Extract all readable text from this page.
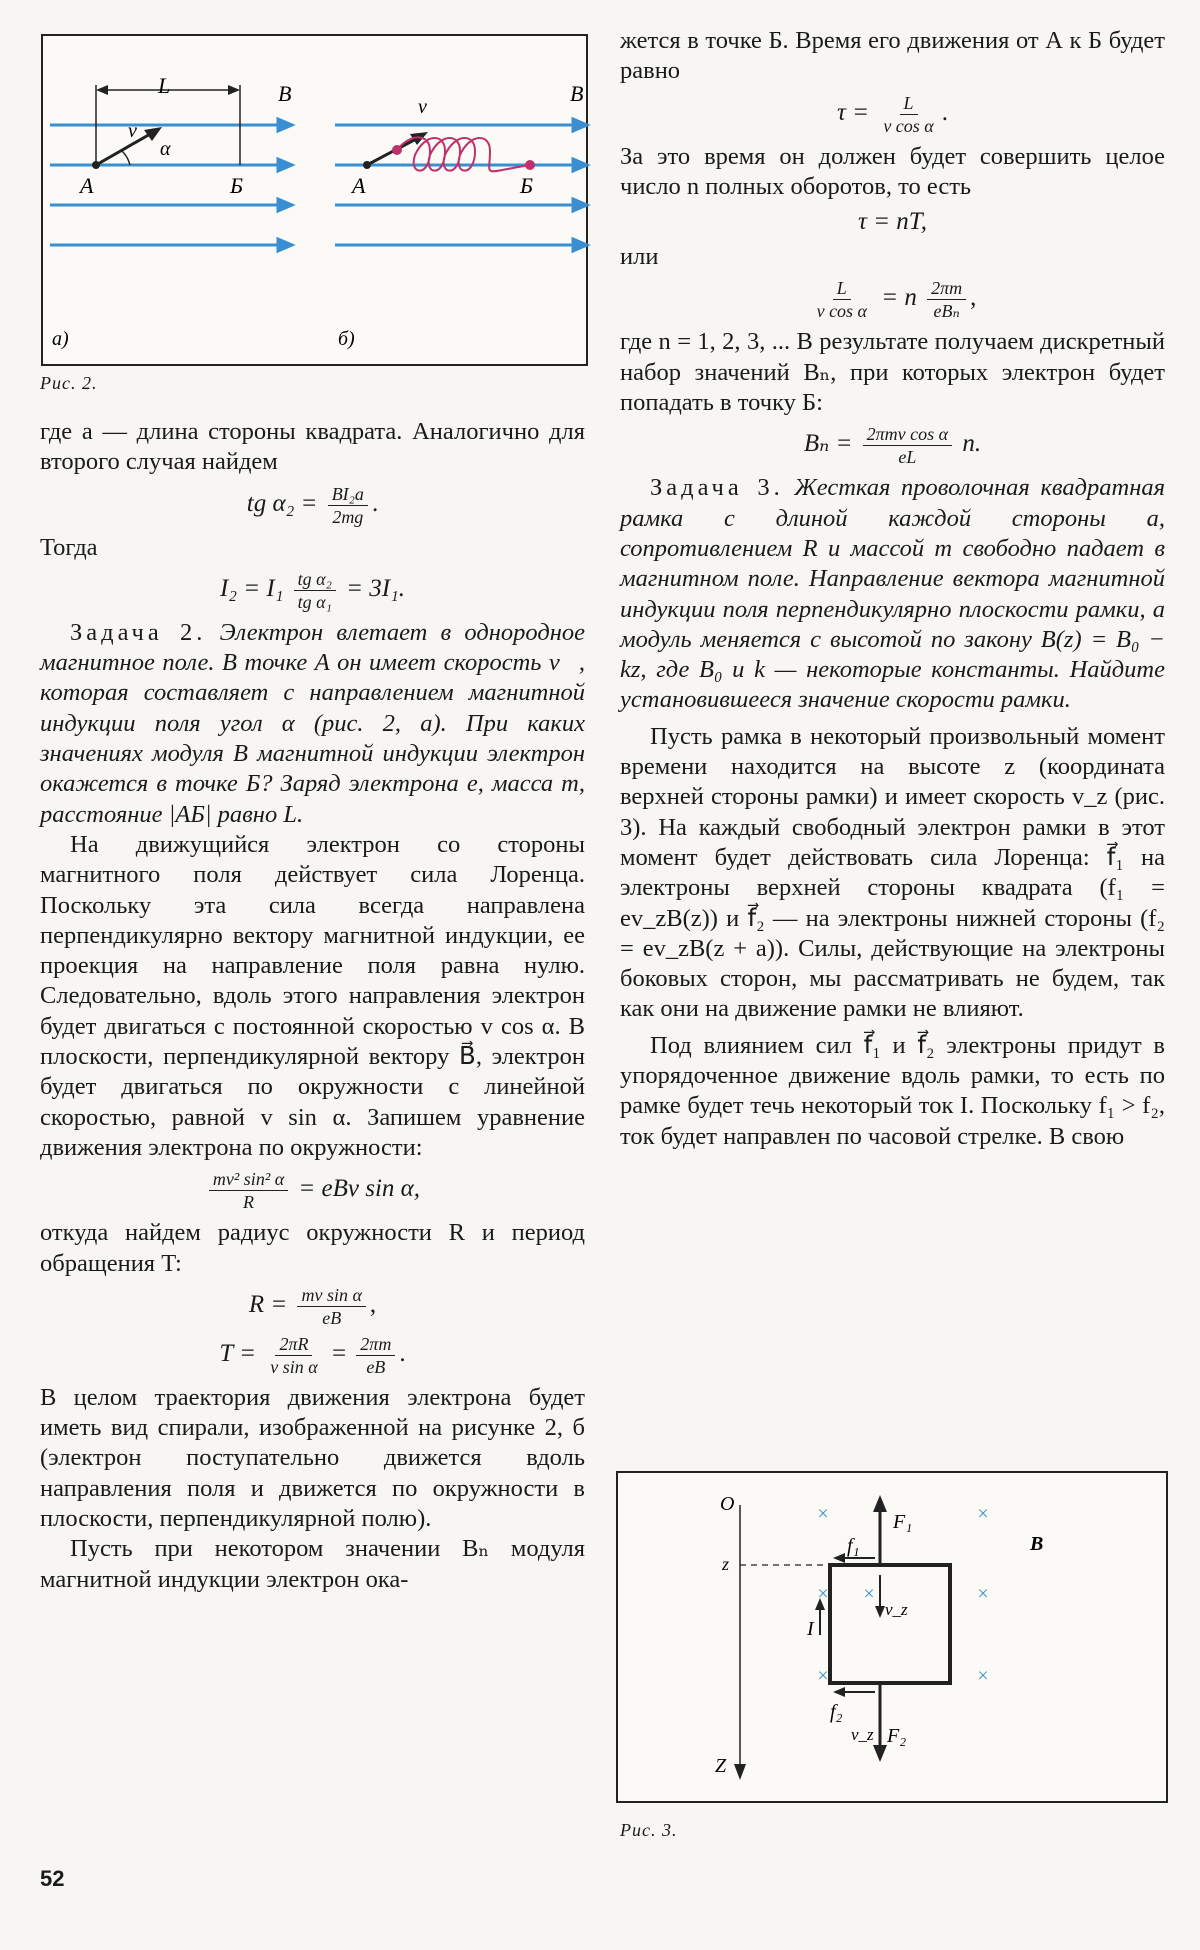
L	B
v
α
А	Б
v
B
А	Б
а)	б)
Рис. 2.

где a — длина стороны квадрата. Аналогично для второго случая найдем

tg $\alpha_2 = \frac{\text{BI₂a}}{2mg}$ .

Тогда

$I_2 = I_1 \frac{\text{tg α₂}}{\text{tg α₁}} = 3I_1$.

Задача 2. Электрон влетает в однородное магнитное поле. В точке А он имеет скорость v⃗, которая составляет с направлением магнитной индукции поля угол α (рис. 2, а). При каких значениях модуля B магнитной индукции электрон окажется в точке Б? Заряд электрона e, масса m, расстояние |АБ| равно L.

На движущийся электрон со стороны магнитного поля действует сила Лоренца. Поскольку эта сила всегда направлена перпендикулярно вектору магнитной индукции, ее проекция на направление поля равна нулю. Следовательно, вдоль этого направления электрон будет двигаться с постоянной скоростью v cos α. В плоскости, перпендикулярной вектору B⃗, электрон будет двигаться по окружности с линейной скоростью, равной v sin α. Запишем уравнение движения электрона по окружности:

$\frac{\text{mv² sin² α}}{R}$ = eBv sin α,

откуда найдем радиус окружности R и период обращения T:

$R = \frac{\text{mv sin α}}{eB}$ ,
$T = \frac{2\pi R}{\text{v sin α}} = \frac{2\pi m}{eB}$ .

В целом траектория движения электрона будет иметь вид спирали, изображенной на рисунке 2, б (электрон поступательно движется вдоль направления поля и движется по окружности в плоскости, перпендикулярной полю).

Пусть при некотором значении Bₙ модуля магнитной индукции электрон ока-

жется в точке Б. Время его движения от А к Б будет равно

$\tau = \frac{L}{\text{v cos α}}$ .

За это время он должен будет совершить целое число n полных оборотов, то есть

τ = nT,

или

$\frac{L}{\text{v cos α}} = n \frac{2\pi m}{\text{eBₙ}}$ ,

где n = 1, 2, 3, ... В результате получаем дискретный набор значений Bₙ, при которых электрон будет попадать в точку Б:

$B_n = \frac{\text{2πmv cos α}}{eL} n$.

Задача 3. Жесткая проволочная квадратная рамка с длиной каждой стороны a, сопротивлением R и массой m свободно падает в магнитном поле. Направление вектора магнитной индукции поля перпендикулярно плоскости рамки, а модуль меняется с высотой по закону B(z) = B₀ − kz, где B₀ и k — некоторые константы. Найдите установившееся значение скорости рамки.

Пусть рамка в некоторый произвольный момент времени находится на высоте z (координата верхней стороны рамки) и имеет скорость v_z (рис. 3). На каждый свободный электрон рамки в этот момент будет действовать сила Лоренца: f⃗₁ на электроны верхней стороны квадрата (f₁ = ev_zB(z)) и f⃗₂ — на электроны нижней стороны (f₂ = ev_zB(z + a)). Силы, действующие на электроны боковых сторон, мы рассматривать не будем, так как они на движение рамки не влияют.

Под влиянием сил f⃗₁ и f⃗₂ электроны придут в упорядоченное движение вдоль рамки, то есть по рамке будет течь некоторый ток I. Поскольку f₁ > f₂, ток будет направлен по часовой стрелке. В свою

×	×
× ×	×
×	×
O
z
Z
F₁
f₁	B
I
v_z
f₂
v_z F₂
Рис. 3.
52
